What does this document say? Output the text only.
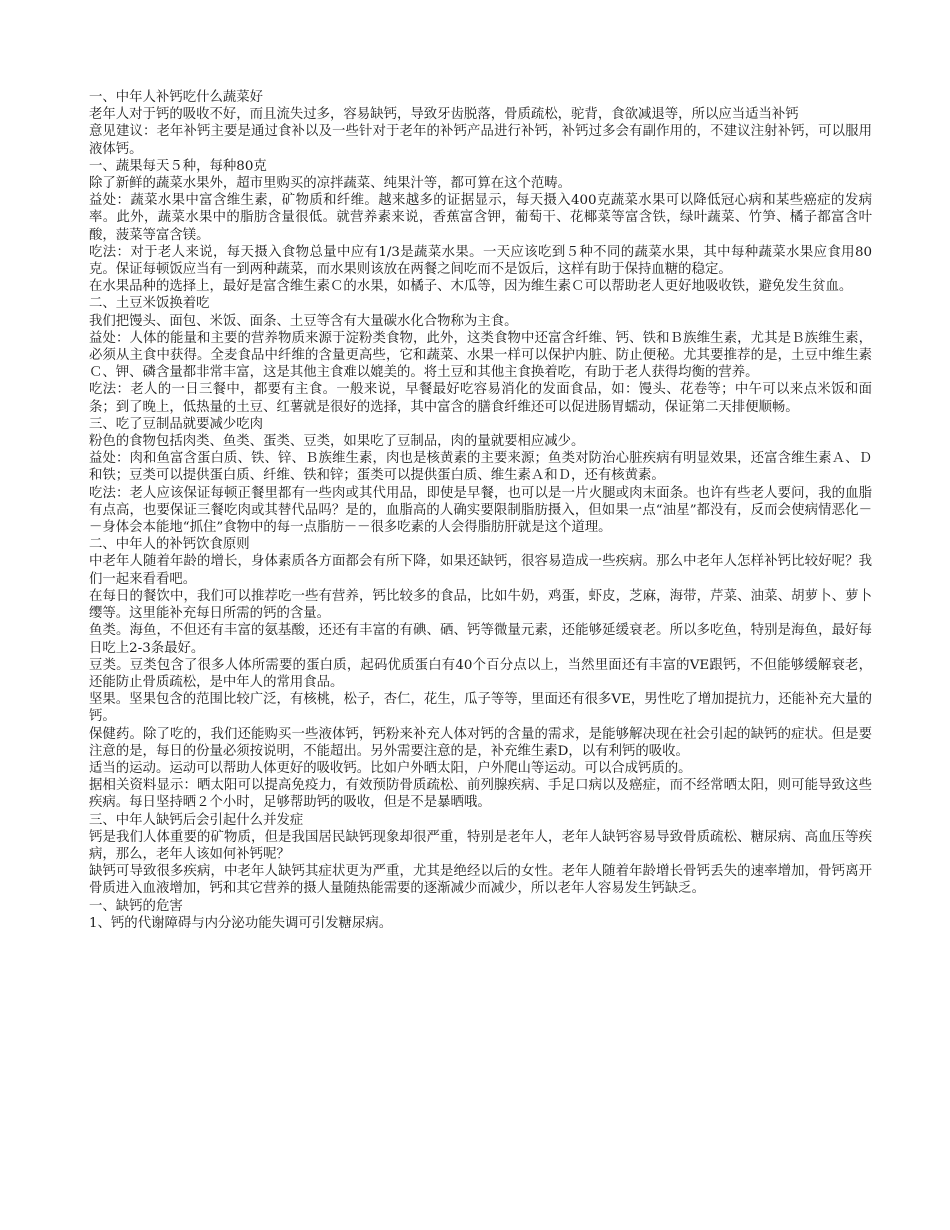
一、中年人补钙吃什么蔬菜好

老年人对于钙的吸收不好，而且流失过多，容易缺钙，导致牙齿脱落，骨质疏松，驼背，食欲减退等，所以应当适当补钙

意见建议：老年补钙主要是通过食补以及一些针对于老年的补钙产品进行补钙，补钙过多会有副作用的，不建议注射补钙，可以服用液体钙。

一、蔬果每天５种，每种80克

除了新鲜的蔬菜水果外，超市里购买的凉拌蔬菜、纯果汁等，都可算在这个范畴。

益处：蔬菜水果中富含维生素，矿物质和纤维。越来越多的证据显示，每天摄入400克蔬菜水果可以降低冠心病和某些癌症的发病率。此外，蔬菜水果中的脂肪含量很低。就营养素来说，香蕉富含钾，葡萄干、花椰菜等富含铁，绿叶蔬菜、竹笋、橘子都富含叶酸，菠菜等富含镁。

吃法：对于老人来说，每天摄入食物总量中应有1/3是蔬菜水果。一天应该吃到５种不同的蔬菜水果，其中每种蔬菜水果应食用80克。保证每顿饭应当有一到两种蔬菜，而水果则该放在两餐之间吃而不是饭后，这样有助于保持血糖的稳定。

在水果品种的选择上，最好是富含维生素Ｃ的水果，如橘子、木瓜等，因为维生素Ｃ可以帮助老人更好地吸收铁，避免发生贫血。

二、土豆米饭换着吃

我们把馒头、面包、米饭、面条、土豆等含有大量碳水化合物称为主食。

益处：人体的能量和主要的营养物质来源于淀粉类食物，此外，这类食物中还富含纤维、钙、铁和Ｂ族维生素，尤其是Ｂ族维生素，必须从主食中获得。全麦食品中纤维的含量更高些，它和蔬菜、水果一样可以保护内脏、防止便秘。尤其要推荐的是，土豆中维生素Ｃ、钾、磷含量都非常丰富，这是其他主食难以媲美的。将土豆和其他主食换着吃，有助于老人获得均衡的营养。

吃法：老人的一日三餐中，都要有主食。一般来说，早餐最好吃容易消化的发面食品，如：馒头、花卷等；中午可以来点米饭和面条；到了晚上，低热量的土豆、红薯就是很好的选择，其中富含的膳食纤维还可以促进肠胃蠕动，保证第二天排便顺畅。

三、吃了豆制品就要减少吃肉

粉色的食物包括肉类、鱼类、蛋类、豆类，如果吃了豆制品，肉的量就要相应减少。

益处：肉和鱼富含蛋白质、铁、锌、Ｂ族维生素，肉也是核黄素的主要来源；鱼类对防治心脏疾病有明显效果，还富含维生素Ａ、Ｄ和铁；豆类可以提供蛋白质、纤维、铁和锌；蛋类可以提供蛋白质、维生素Ａ和Ｄ，还有核黄素。

吃法：老人应该保证每顿正餐里都有一些肉或其代用品，即使是早餐，也可以是一片火腿或肉末面条。也许有些老人要问，我的血脂有点高，也要保证三餐吃肉或其替代品吗？是的，血脂高的人确实要限制脂肪摄入，但如果一点“油星”都没有，反而会使病情恶化－－身体会本能地“抓住”食物中的每一点脂肪－－很多吃素的人会得脂肪肝就是这个道理。

二、中年人的补钙饮食原则

中老年人随着年龄的增长，身体素质各方面都会有所下降，如果还缺钙，很容易造成一些疾病。那么中老年人怎样补钙比较好呢？我们一起来看看吧。

在每日的餐饮中，我们可以推荐吃一些有营养，钙比较多的食品，比如牛奶，鸡蛋，虾皮，芝麻，海带，芹菜、油菜、胡萝卜、萝卜缨等。这里能补充每日所需的钙的含量。

鱼类。海鱼，不但还有丰富的氨基酸，还还有丰富的有碘、硒、钙等微量元素，还能够延缓衰老。所以多吃鱼，特别是海鱼，最好每日吃上2-3条最好。

豆类。豆类包含了很多人体所需要的蛋白质，起码优质蛋白有40个百分点以上，当然里面还有丰富的VE跟钙，不但能够缓解衰老，还能防止骨质疏松，是中年人的常用食品。

坚果。坚果包含的范围比较广泛，有核桃，松子，杏仁，花生，瓜子等等，里面还有很多VE，男性吃了增加提抗力，还能补充大量的钙。

保健药。除了吃的，我们还能购买一些液体钙，钙粉来补充人体对钙的含量的需求，是能够解决现在社会引起的缺钙的症状。但是要注意的是，每日的份量必须按说明，不能超出。另外需要注意的是，补充维生素D，以有利钙的吸收。

适当的运动。运动可以帮助人体更好的吸收钙。比如户外晒太阳，户外爬山等运动。可以合成钙质的。

据相关资料显示：晒太阳可以提高免疫力，有效预防骨质疏松、前列腺疾病、手足口病以及癌症，而不经常晒太阳，则可能导致这些疾病。每日坚持晒２个小时，足够帮助钙的吸收，但是不是暴晒哦。

三、中年人缺钙后会引起什么并发症

钙是我们人体重要的矿物质，但是我国居民缺钙现象却很严重，特别是老年人，老年人缺钙容易导致骨质疏松、糖尿病、高血压等疾病，那么，老年人该如何补钙呢？

缺钙可导致很多疾病，中老年人缺钙其症状更为严重，尤其是绝经以后的女性。老年人随着年龄增长骨钙丢失的速率增加，骨钙离开骨质进入血液增加，钙和其它营养的摄人量随热能需要的逐渐减少而减少，所以老年人容易发生钙缺乏。

一、缺钙的危害

1、钙的代谢障碍与内分泌功能失调可引发糖尿病。
